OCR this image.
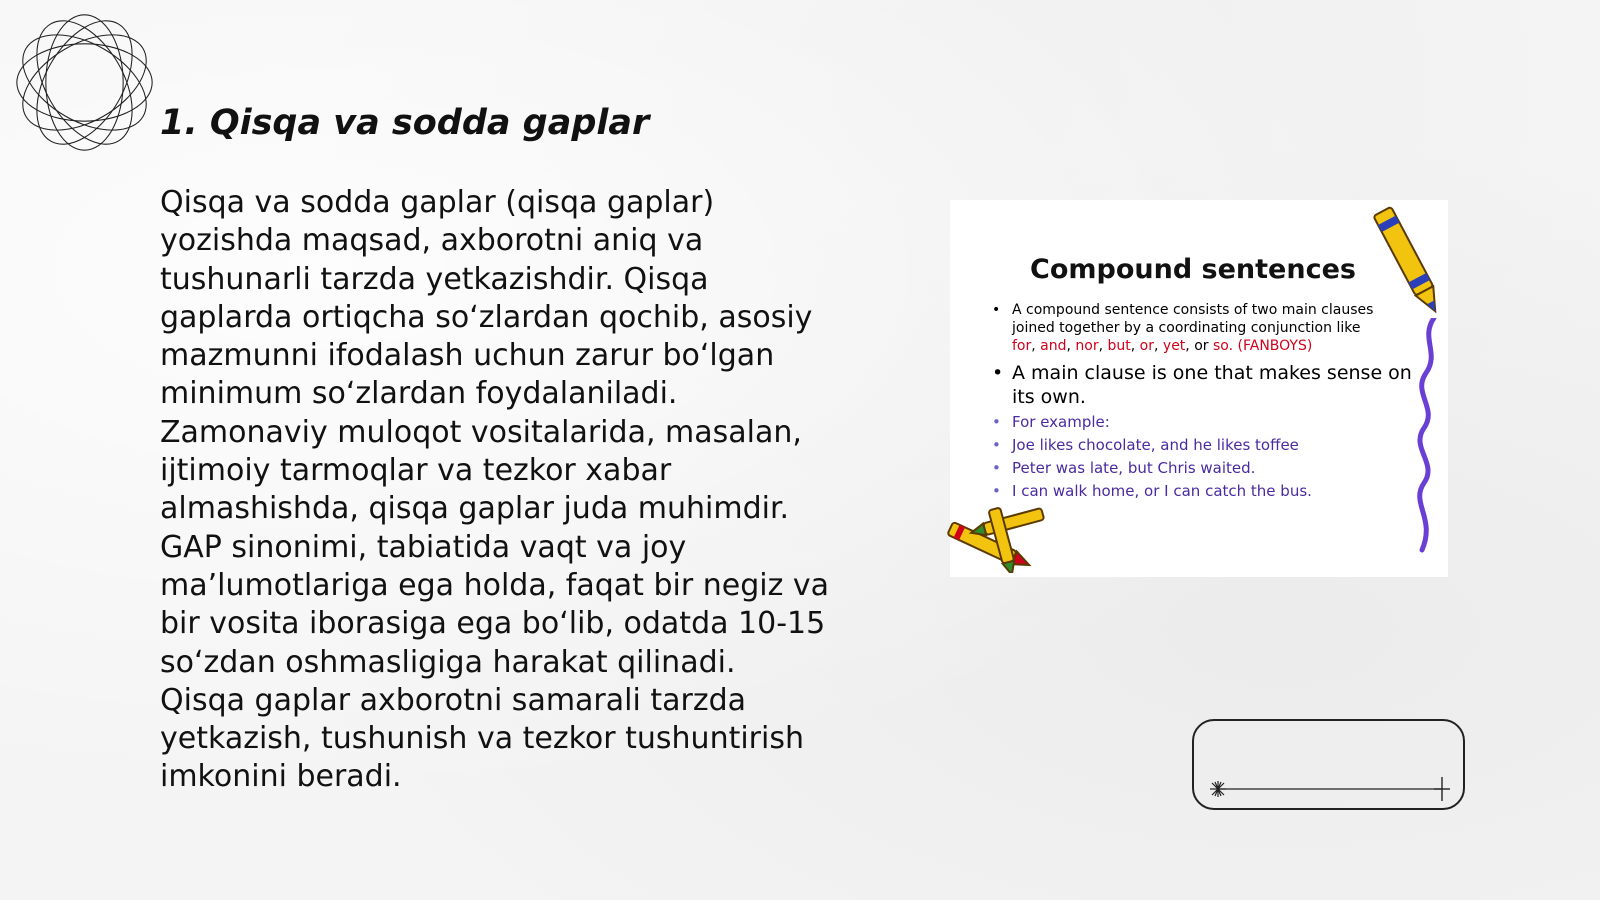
1. Qisqa va sodda gaplar

Qisqa va sodda gaplar (qisqa gaplar) yozishda maqsad, axborotni aniq va tushunarli tarzda yetkazishdir. Qisqa gaplarda ortiqcha so‘zlardan qochib, asosiy mazmunni ifodalash uchun zarur bo‘lgan minimum so‘zlardan foydalaniladi. Zamonaviy muloqot vositalarida, masalan, ijtimoiy tarmoqlar va tezkor xabar almashishda, qisqa gaplar juda muhimdir. GAP sinonimi, tabiatida vaqt va joy ma’lumotlariga ega holda, faqat bir negiz va bir vosita iborasiga ega bo‘lib, odatda 10-15 so‘zdan oshmasligiga harakat qilinadi. Qisqa gaplar axborotni samarali tarzda yetkazish, tushunish va tezkor tushuntirish imkonini beradi.

Compound sentences
• A compound sentence consists of two main clauses joined together by a coordinating conjunction like
for, and, nor, but, or, yet, or so. (FANBOYS)
• A main clause is one that makes sense on its own.
• For example:
• Joe likes chocolate, and he likes toffee
• Peter was late, but Chris waited.
• I can walk home, or I can catch the bus.
